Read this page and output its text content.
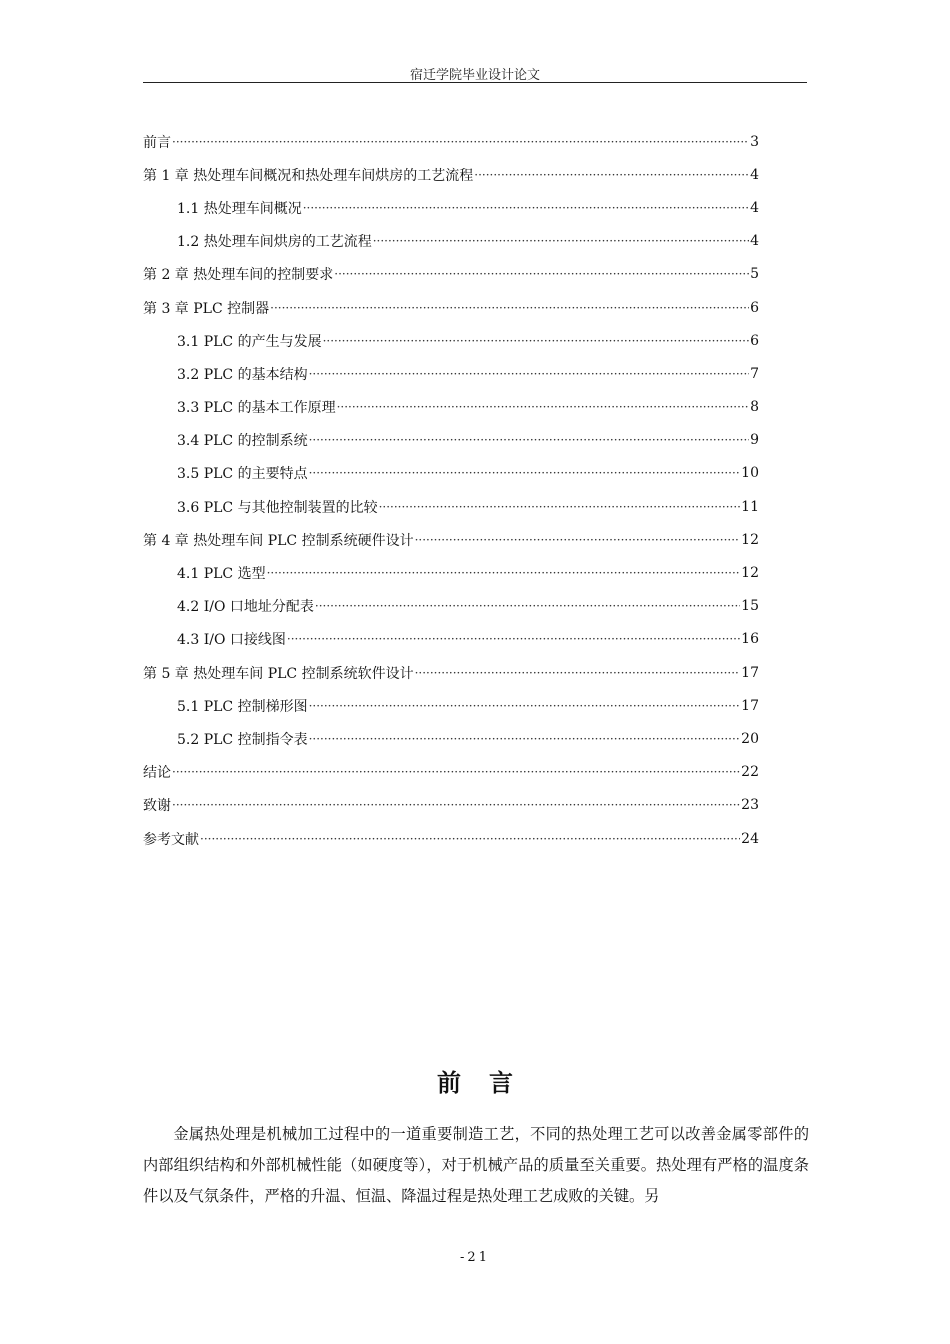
宿迁学院毕业设计论文
前言 ·····	3
第 1 章 热处理车间概况和热处理车间烘房的工艺流程 ·····	4
1.1 热处理车间概况 ·····	4
1.2 热处理车间烘房的工艺流程 ·····	4
第 2 章 热处理车间的控制要求 ·····	5
第 3 章 PLC 控制器 ·····	6
3.1 PLC 的产生与发展 ·····	6
3.2 PLC 的基本结构 ·····	7
3.3 PLC 的基本工作原理 ·····	8
3.4 PLC 的控制系统 ·····	9
3.5 PLC 的主要特点 ·····	10
3.6 PLC 与其他控制装置的比较 ·····	11
第 4 章 热处理车间 PLC 控制系统硬件设计 ·····	12
4.1 PLC 选型 ·····	12
4.2 I/O 口地址分配表 ·····	15
4.3 I/O 口接线图 ·····	16
第 5 章 热处理车间 PLC 控制系统软件设计 ·····	17
5.1 PLC 控制梯形图 ·····	17
5.2 PLC 控制指令表 ·····	20
结论 ·····	22
致谢 ·····	23
参考文献 ·····	24
前言

金属热处理是机械加工过程中的一道重要制造工艺，不同的热处理工艺可以改善金属零部件的内部组织结构和外部机械性能（如硬度等），对于机械产品的质量至关重要。热处理有严格的温度条件以及气氛条件，严格的升温、恒温、降温过程是热处理工艺成败的关键。另

-21
